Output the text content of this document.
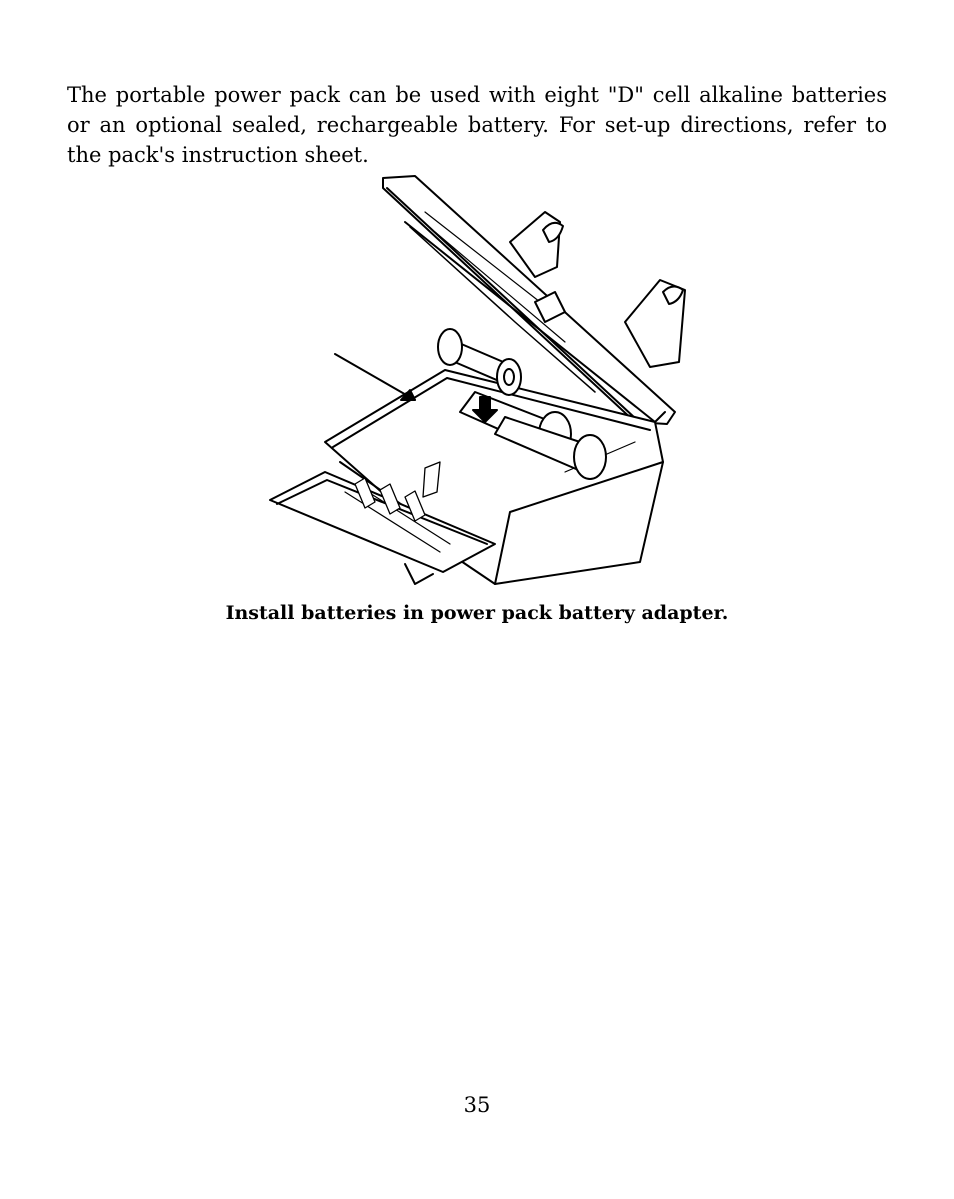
The portable power pack can be used with eight "D" cell alkaline batteries or an optional sealed, rechargeable battery. For set-up directions, refer to the pack's instruction sheet.

Install batteries in power pack battery adapter.

35
